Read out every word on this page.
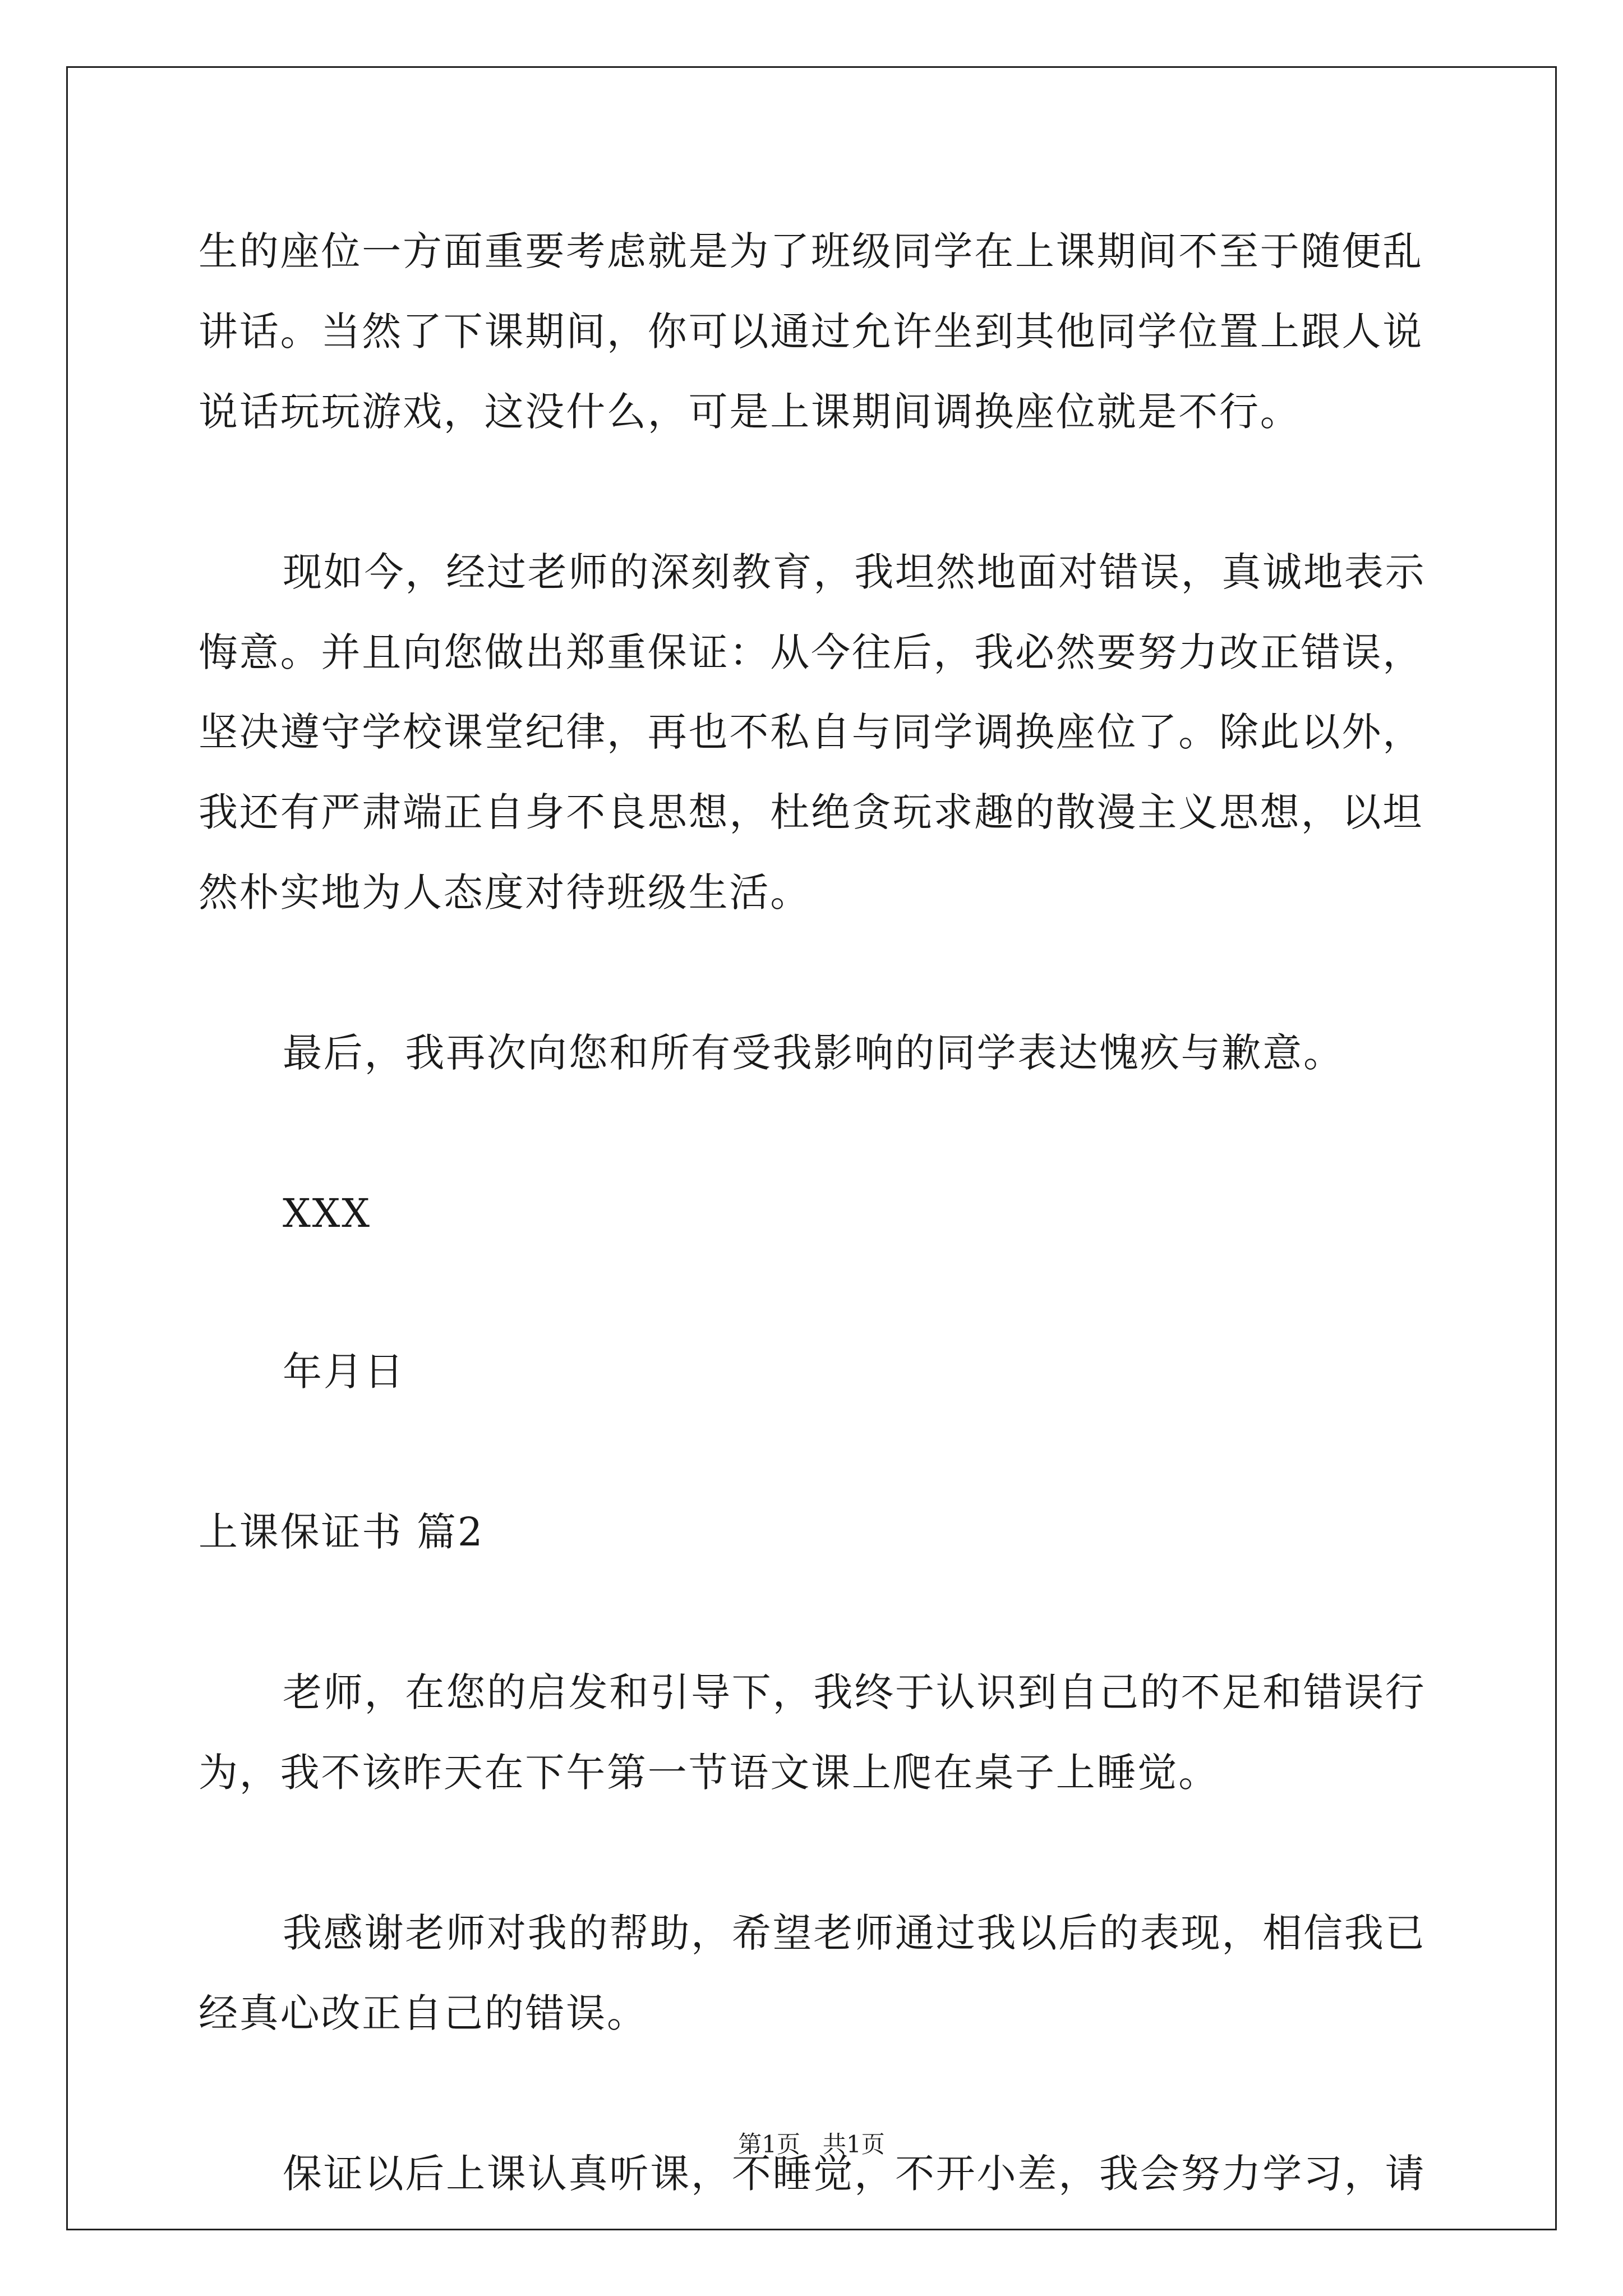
生的座位一方面重要考虑就是为了班级同学在上课期间不至于随便乱
讲话。当然了下课期间，你可以通过允许坐到其他同学位置上跟人说
说话玩玩游戏，这没什么，可是上课期间调换座位就是不行。
现如今，经过老师的深刻教育，我坦然地面对错误，真诚地表示
悔意。并且向您做出郑重保证：从今往后，我必然要努力改正错误，
坚决遵守学校课堂纪律，再也不私自与同学调换座位了。除此以外，
我还有严肃端正自身不良思想，杜绝贪玩求趣的散漫主义思想，以坦
然朴实地为人态度对待班级生活。
最后，我再次向您和所有受我影响的同学表达愧疚与歉意。
XXX
年月日
上课保证书 篇2
老师，在您的启发和引导下，我终于认识到自己的不足和错误行
为，我不该昨天在下午第一节语文课上爬在桌子上睡觉。
我感谢老师对我的帮助，希望老师通过我以后的表现，相信我已
经真心改正自己的错误。
保证以后上课认真听课，不睡觉，不开小差，我会努力学习，请
第1页   共1页
